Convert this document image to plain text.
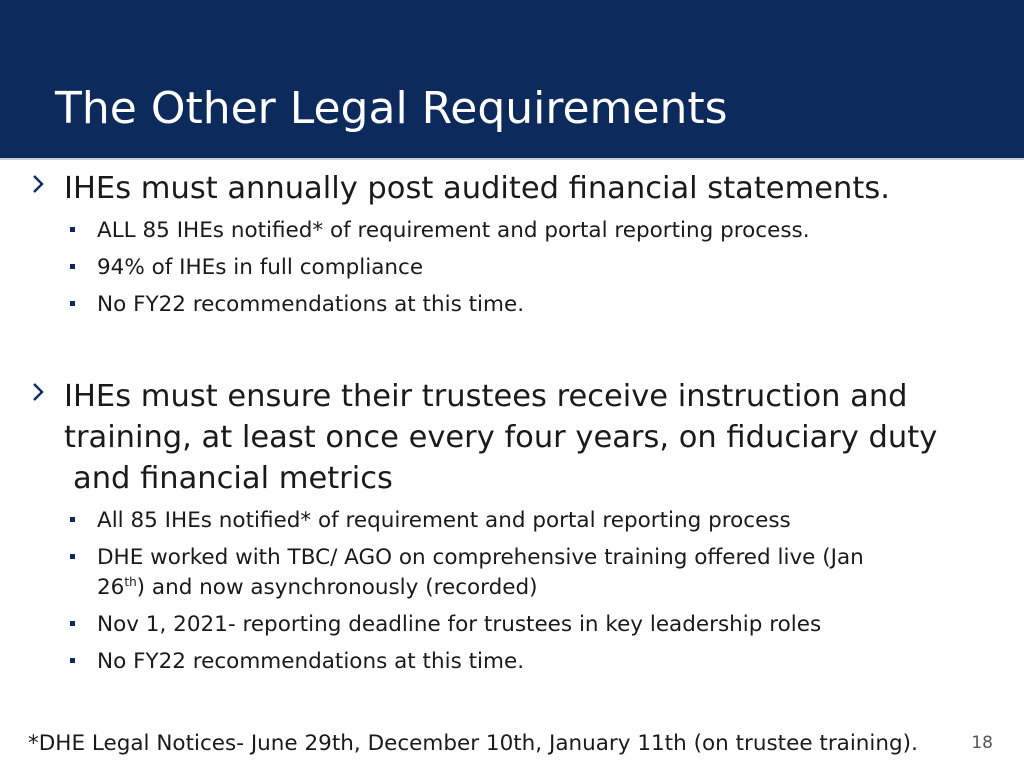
The Other Legal Requirements
IHEs must annually post audited financial statements.
ALL 85 IHEs notified* of requirement and portal reporting process.
94% of IHEs in full compliance
No FY22 recommendations at this time.
IHEs must ensure their trustees receive instruction and
training, at least once every four years, on fiduciary duty
and financial metrics
All 85 IHEs notified* of requirement and portal reporting process
DHE worked with TBC/ AGO on comprehensive training offered live (Jan
26th) and now asynchronously (recorded)
Nov 1, 2021- reporting deadline for trustees in key leadership roles
No FY22 recommendations at this time.
*DHE Legal Notices- June 29th, December 10th, January 11th (on trustee training).	18
